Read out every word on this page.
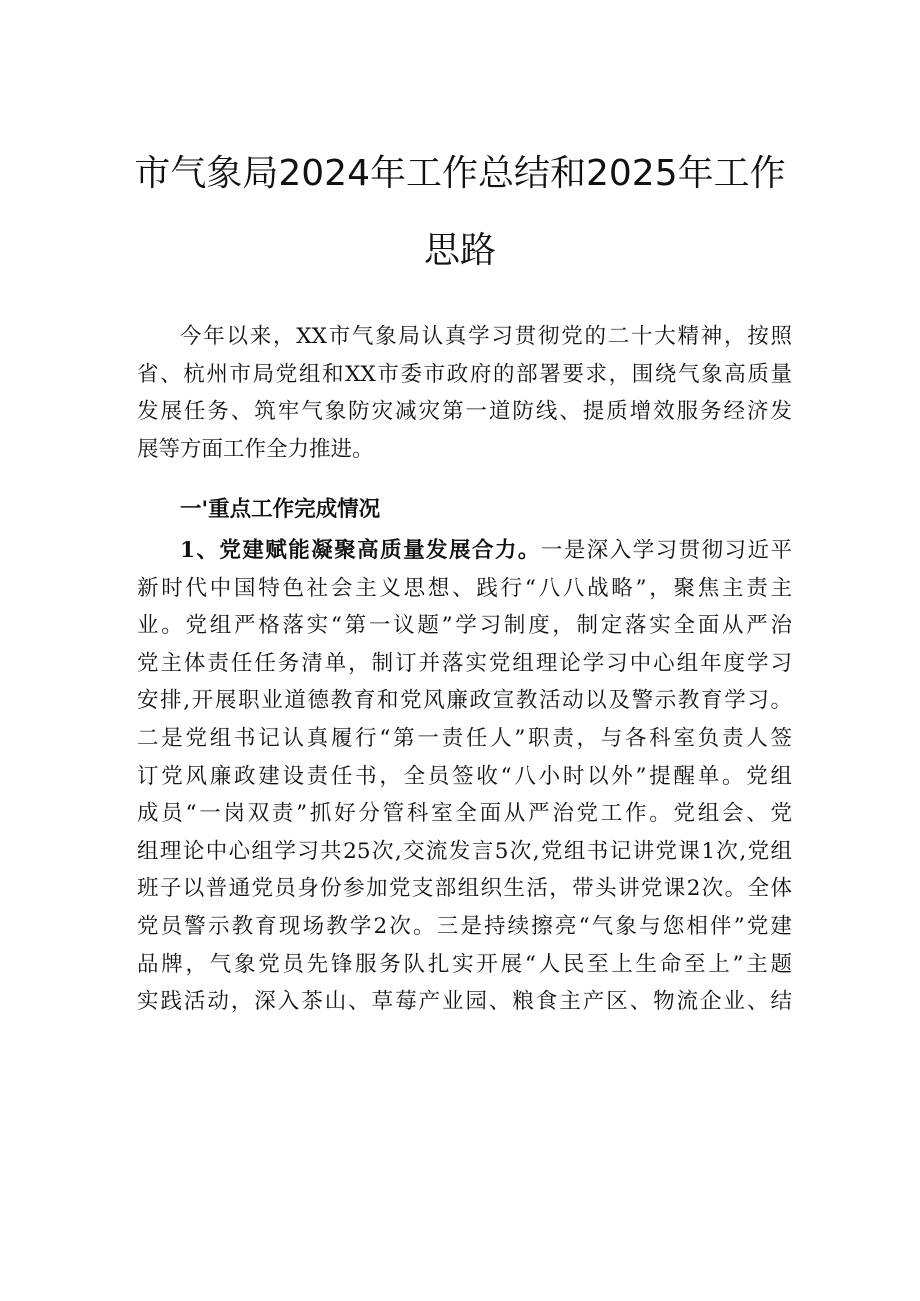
市气象局2024年工作总结和2025年工作
思路
今年以来，XX市气象局认真学习贯彻党的二十大精神，按照
省、杭州市局党组和XX市委市政府的部署要求，围绕气象高质量
发展任务、筑牢气象防灾减灾第一道防线、提质增效服务经济发
展等方面工作全力推进。
一'重点工作完成情况
1、党建赋能凝聚高质量发展合力。一是深入学习贯彻习近平
新时代中国特色社会主义思想、践行“八八战略”，聚焦主责主
业。党组严格落实“第一议题”学习制度，制定落实全面从严治
党主体责任任务清单，制订并落实党组理论学习中心组年度学习
安排,开展职业道德教育和党风廉政宣教活动以及警示教育学习。
二是党组书记认真履行“第一责任人”职责，与各科室负责人签
订党风廉政建设责任书，全员签收“八小时以外”提醒单。党组
成员“一岗双责”抓好分管科室全面从严治党工作。党组会、党
组理论中心组学习共25次,交流发言5次,党组书记讲党课1次,党组
班子以普通党员身份参加党支部组织生活，带头讲党课2次。全体
党员警示教育现场教学2次。三是持续擦亮“气象与您相伴”党建
品牌，气象党员先锋服务队扎实开展“人民至上生命至上”主题
实践活动，深入茶山、草莓产业园、粮食主产区、物流企业、结
